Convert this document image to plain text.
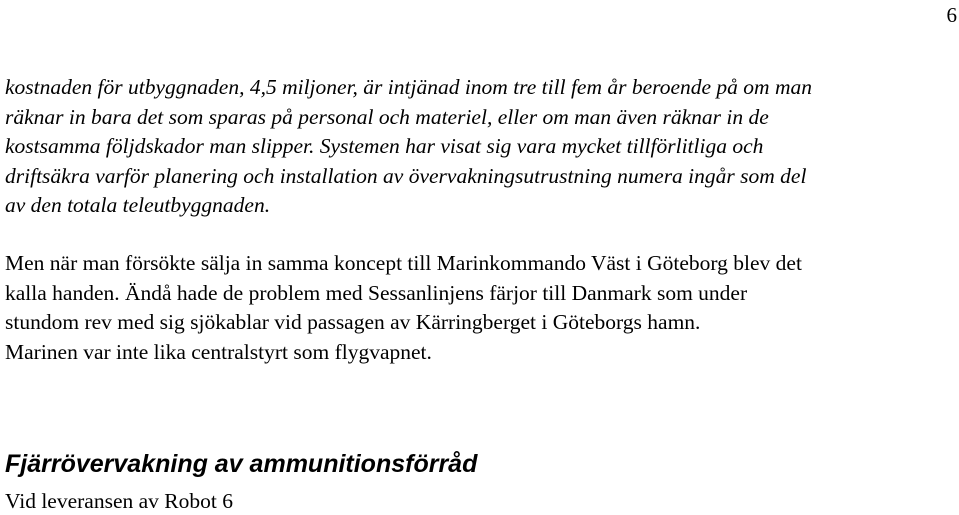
6
kostnaden för utbyggnaden, 4,5 miljoner, är intjänad inom tre till fem år beroende på om man
räknar in bara det som sparas på personal och materiel, eller om man även räknar in de
kostsamma följdskador man slipper. Systemen har visat sig vara mycket tillförlitliga och
driftsäkra varför planering och installation av övervakningsutrustning numera ingår som del
av den totala teleutbyggnaden.
Men när man försökte sälja in samma koncept till Marinkommando Väst i Göteborg blev det
kalla handen. Ändå hade de problem med Sessanlinjens färjor till Danmark som under
stundom rev med sig sjökablar vid passagen av Kärringberget i Göteborgs hamn.
Marinen var inte lika centralstyrt som flygvapnet.
Fjärrövervakning av ammunitionsförråd

Vid leveransen av Robot 6
